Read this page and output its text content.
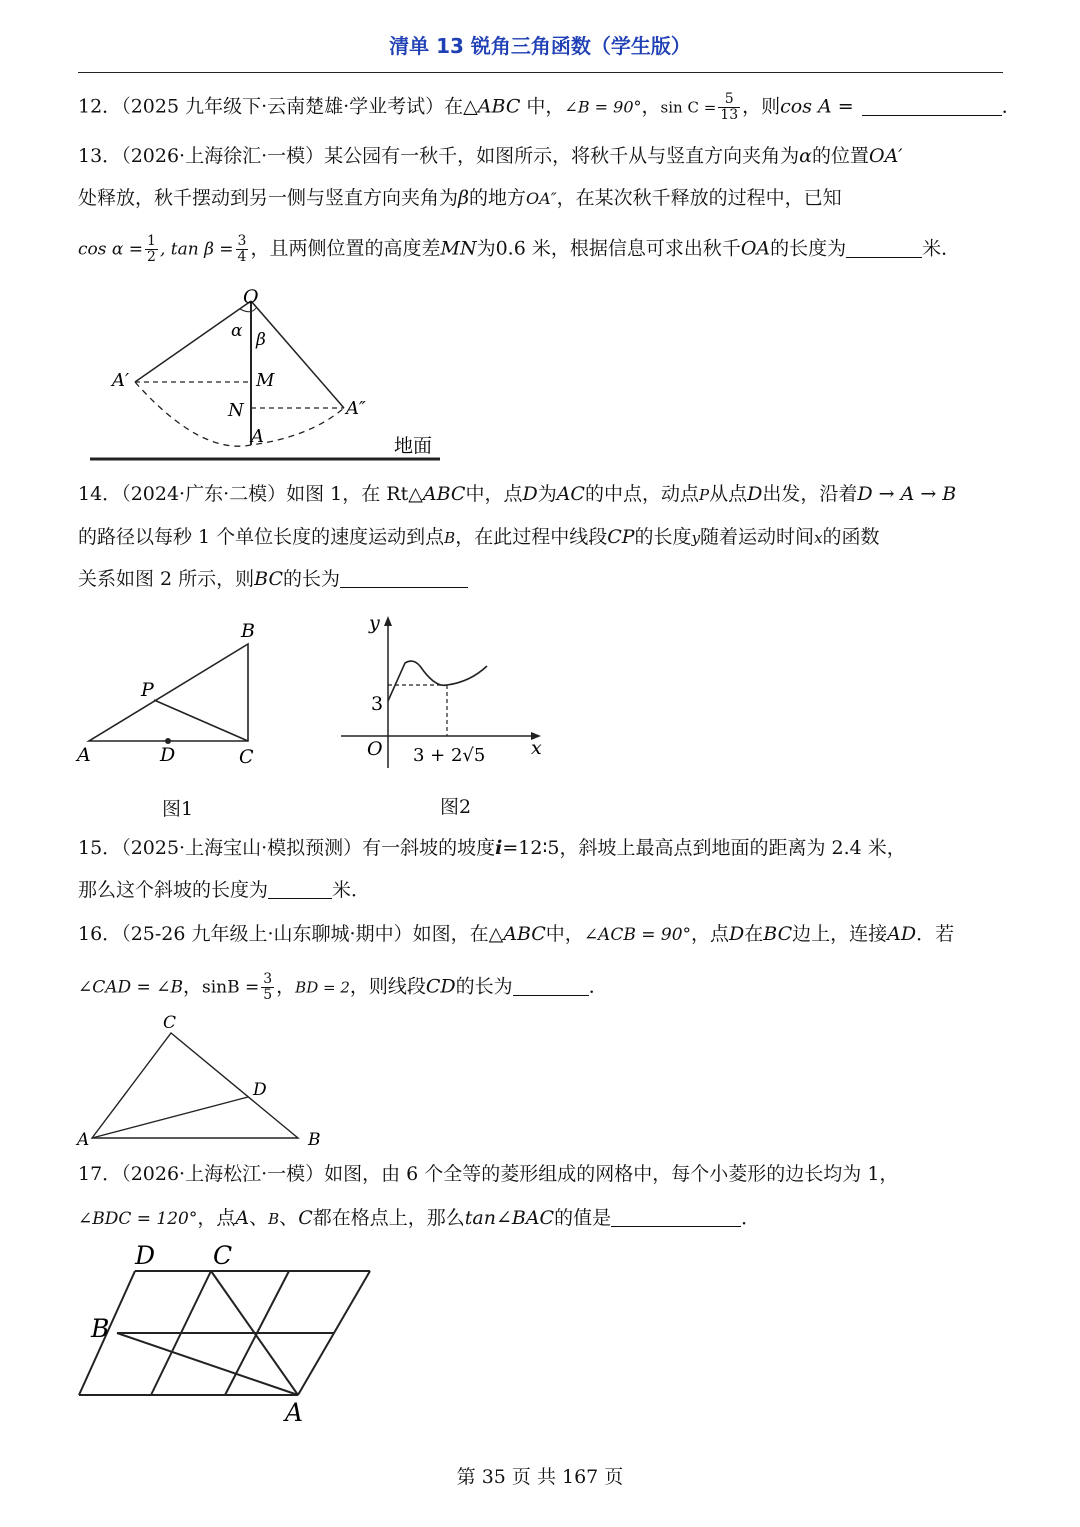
清单 13 锐角三角函数（学生版）
12．（2025 九年级下·云南楚雄·学业考试）在△ABC 中，∠B = 90°，$\sin C = \frac{5}{13}$ ，则cos A =	．
13．（2026·上海徐汇·一模）某公园有一秋千，如图所示，将秋千从与竖直方向夹角为α的位置OA′
处释放，秋千摆动到另一侧与竖直方向夹角为β的地方OA″，在某次秋千释放的过程中，已知
$\cos \alpha = \frac{1}{2}$ , $\tan \beta = \frac{3}{4}$ ，且两侧位置的高度差MN为0.6 米，根据信息可求出秋千OA的长度为	米．
O
α β
A′	M
N	A″
A	地面
14．（2024·广东·二模）如图 1，在 Rt△ABC中，点D为AC的中点，动点P从点D出发，沿着D → A → B
的路径以每秒 1 个单位长度的速度运动到点B，在此过程中线段CP的长度y随着运动时间x的函数
关系如图 2 所示，则BC的长为
A
B
C
D
P
图1
y
x
O
3
3 + 2√5
图2
15．（2025·上海宝山·模拟预测）有一斜坡的坡度i=12∶5，斜坡上最高点到地面的距离为 2.4 米，
那么这个斜坡的长度为	米．
16．（25-26 九年级上·山东聊城·期中）如图，在△ABC中，∠ACB = 90°，点D在BC边上，连接AD．若
∠CAD = ∠B，$\sin B = \frac{3}{5}$ ，BD = 2，则线段CD的长为	．
A	B
C
D
17．（2026·上海松江·一模）如图，由 6 个全等的菱形组成的网格中，每个小菱形的边长均为 1，
∠BDC = 120°，点A、B、C都在格点上，那么tan∠BAC的值是	．
D C
B
A
第 35 页 共 167 页
